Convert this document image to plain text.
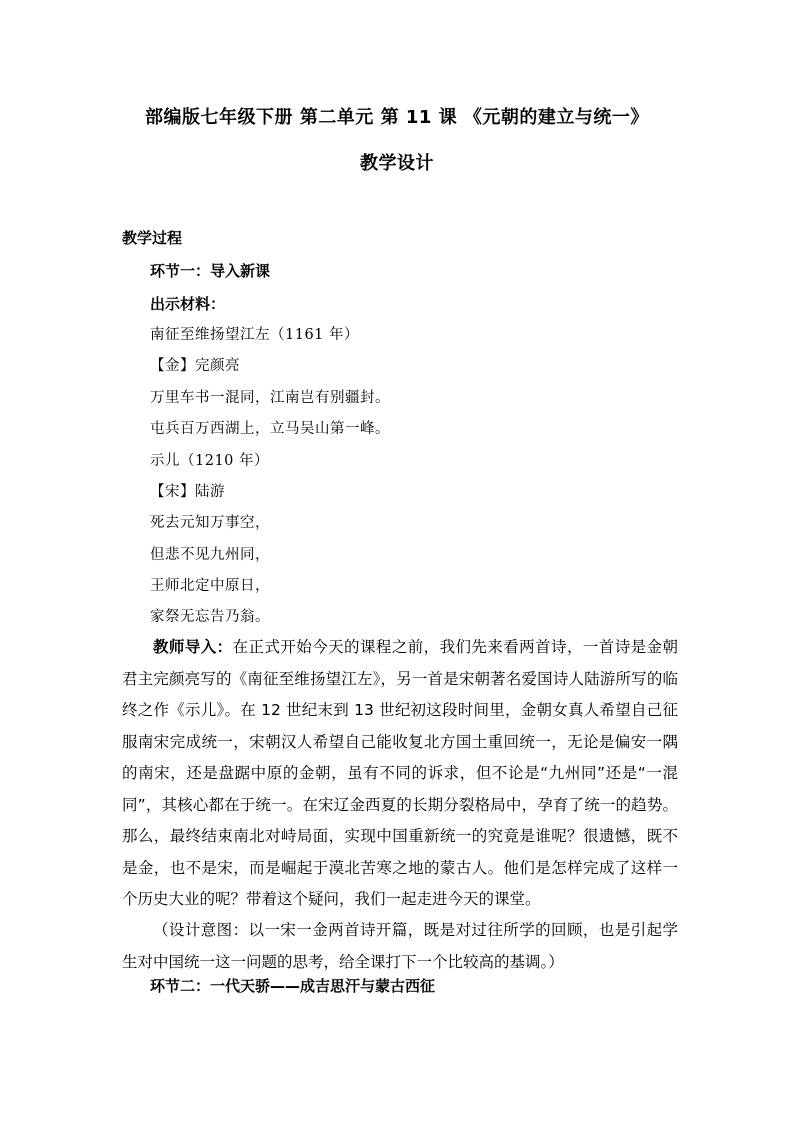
部编版七年级下册 第二单元 第 11 课 《元朝的建立与统一》
教学设计
教学过程
环节一：导入新课
出示材料：
南征至维扬望江左（1161 年）
【金】完颜亮
万里车书一混同，江南岂有别疆封。
屯兵百万西湖上，立马吴山第一峰。
示儿（1210 年）
【宋】陆游
死去元知万事空，
但悲不见九州同，
王师北定中原日，
家祭无忘告乃翁。
教师导入：在正式开始今天的课程之前，我们先来看两首诗，一首诗是金朝君主完颜亮写的《南征至维扬望江左》，另一首是宋朝著名爱国诗人陆游所写的临终之作《示儿》。在 12 世纪末到 13 世纪初这段时间里，金朝女真人希望自己征服南宋完成统一，宋朝汉人希望自己能收复北方国土重回统一，无论是偏安一隅的南宋，还是盘踞中原的金朝，虽有不同的诉求，但不论是“九州同”还是“一混同”，其核心都在于统一。在宋辽金西夏的长期分裂格局中，孕育了统一的趋势。那么，最终结束南北对峙局面，实现中国重新统一的究竟是谁呢？很遗憾，既不是金，也不是宋，而是崛起于漠北苦寒之地的蒙古人。他们是怎样完成了这样一个历史大业的呢？带着这个疑问，我们一起走进今天的课堂。
（设计意图：以一宋一金两首诗开篇，既是对过往所学的回顾，也是引起学生对中国统一这一问题的思考，给全课打下一个比较高的基调。）
环节二：一代天骄——成吉思汗与蒙古西征
